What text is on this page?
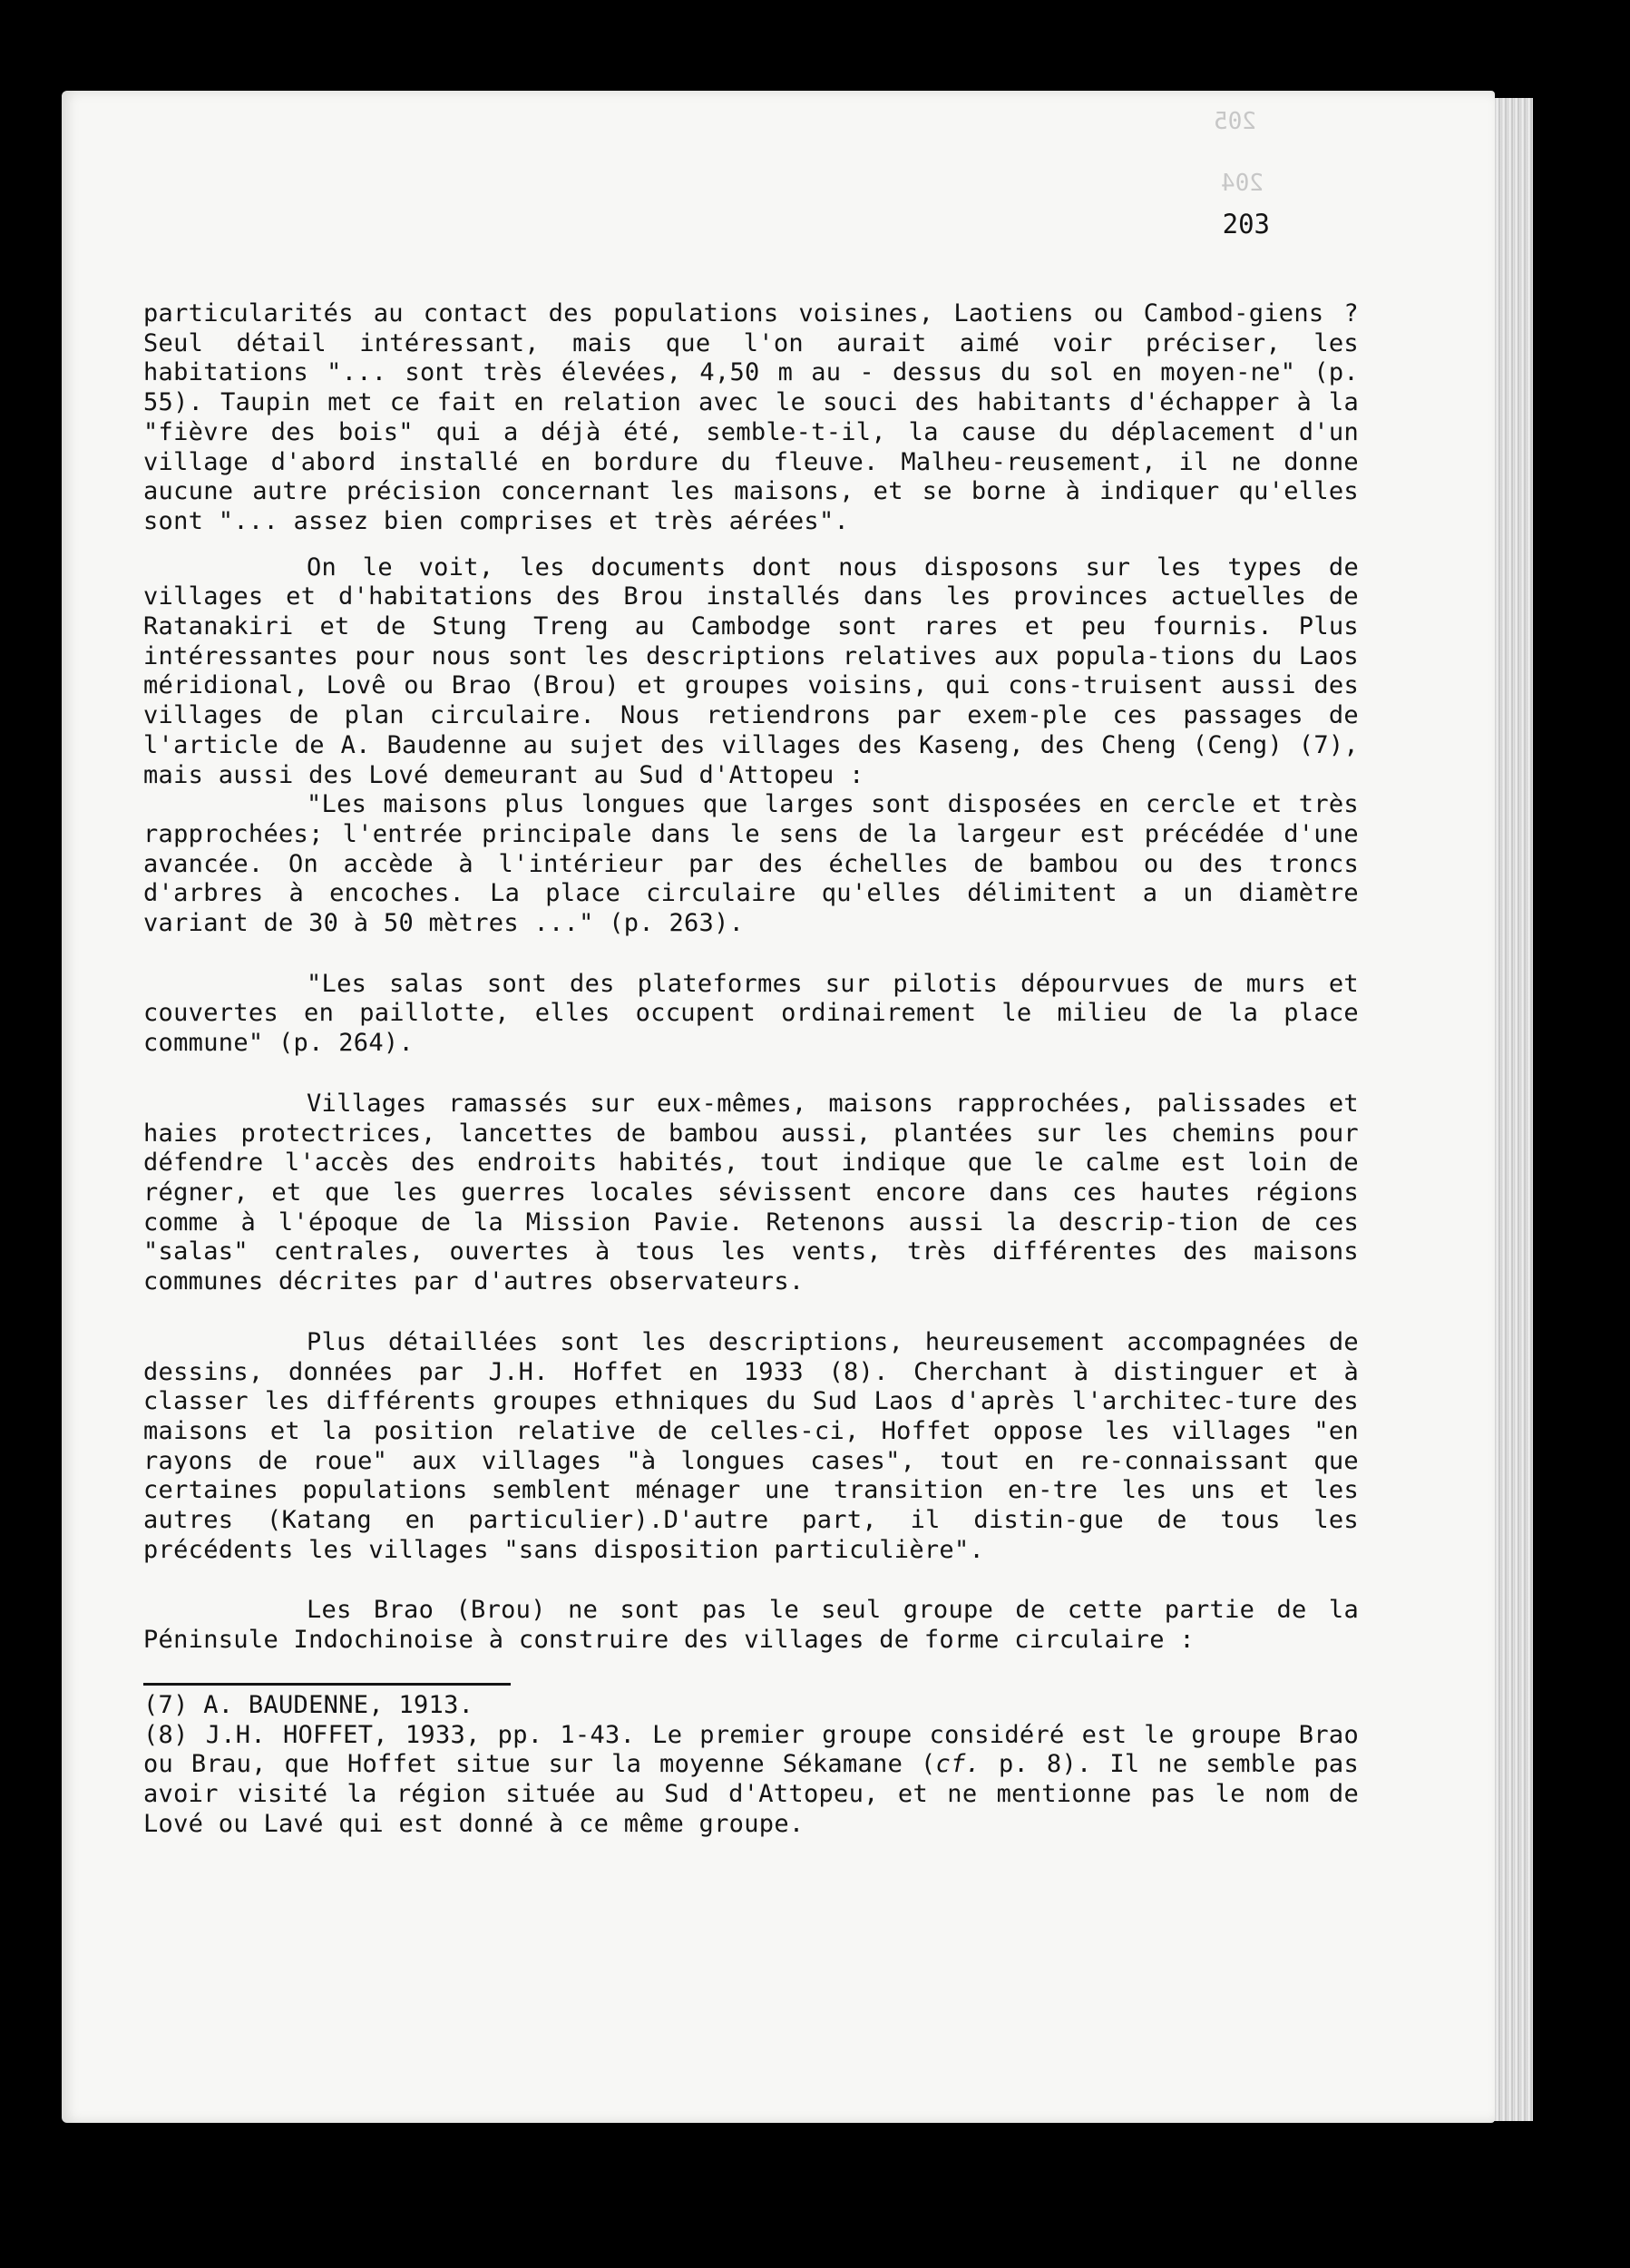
205
204
203

particularités au contact des populations voisines, Laotiens ou Cambod-giens ? Seul détail intéressant, mais que l'on aurait aimé voir préciser, les habitations "... sont très élevées, 4,50 m au - dessus du sol en moyen-ne" (p. 55). Taupin met ce fait en relation avec le souci des habitants d'échapper à la "fièvre des bois" qui a déjà été, semble-t-il, la cause du déplacement d'un village d'abord installé en bordure du fleuve. Malheu-reusement, il ne donne aucune autre précision concernant les maisons, et se borne à indiquer qu'elles sont "... assez bien comprises et très aérées".

On le voit, les documents dont nous disposons sur les types de villages et d'habitations des Brou installés dans les provinces actuelles de Ratanakiri et de Stung Treng au Cambodge sont rares et peu fournis. Plus intéressantes pour nous sont les descriptions relatives aux popula-tions du Laos méridional, Lovê ou Brao (Brou) et groupes voisins, qui cons-truisent aussi des villages de plan circulaire. Nous retiendrons par exem-ple ces passages de l'article de A. Baudenne au sujet des villages des Kaseng, des Cheng (Ceng) (7), mais aussi des Lové demeurant au Sud d'Attopeu :

"Les maisons plus longues que larges sont disposées en cercle et très rapprochées; l'entrée principale dans le sens de la largeur est précédée d'une avancée. On accède à l'intérieur par des échelles de bambou ou des troncs d'arbres à encoches. La place circulaire qu'elles délimitent a un diamètre variant de 30 à 50 mètres ..." (p. 263).

"Les salas sont des plateformes sur pilotis dépourvues de murs et couvertes en paillotte, elles occupent ordinairement le milieu de la place commune" (p. 264).

Villages ramassés sur eux-mêmes, maisons rapprochées, palissades et haies protectrices, lancettes de bambou aussi, plantées sur les chemins pour défendre l'accès des endroits habités, tout indique que le calme est loin de régner, et que les guerres locales sévissent encore dans ces hautes régions comme à l'époque de la Mission Pavie. Retenons aussi la descrip-tion de ces "salas" centrales, ouvertes à tous les vents, très différentes des maisons communes décrites par d'autres observateurs.

Plus détaillées sont les descriptions, heureusement accompagnées de dessins, données par J.H. Hoffet en 1933 (8). Cherchant à distinguer et à classer les différents groupes ethniques du Sud Laos d'après l'architec-ture des maisons et la position relative de celles-ci, Hoffet oppose les villages "en rayons de roue" aux villages "à longues cases", tout en re-connaissant que certaines populations semblent ménager une transition en-tre les uns et les autres (Katang en particulier).D'autre part, il distin-gue de tous les précédents les villages "sans disposition particulière".

Les Brao (Brou) ne sont pas le seul groupe de cette partie de la Péninsule Indochinoise à construire des villages de forme circulaire :

(7) A. BAUDENNE, 1913.

(8) J.H. HOFFET, 1933, pp. 1-43. Le premier groupe considéré est le groupe Brao ou Brau, que Hoffet situe sur la moyenne Sékamane (cf. p. 8). Il ne semble pas avoir visité la région située au Sud d'Attopeu, et ne mentionne pas le nom de Lové ou Lavé qui est donné à ce même groupe.
